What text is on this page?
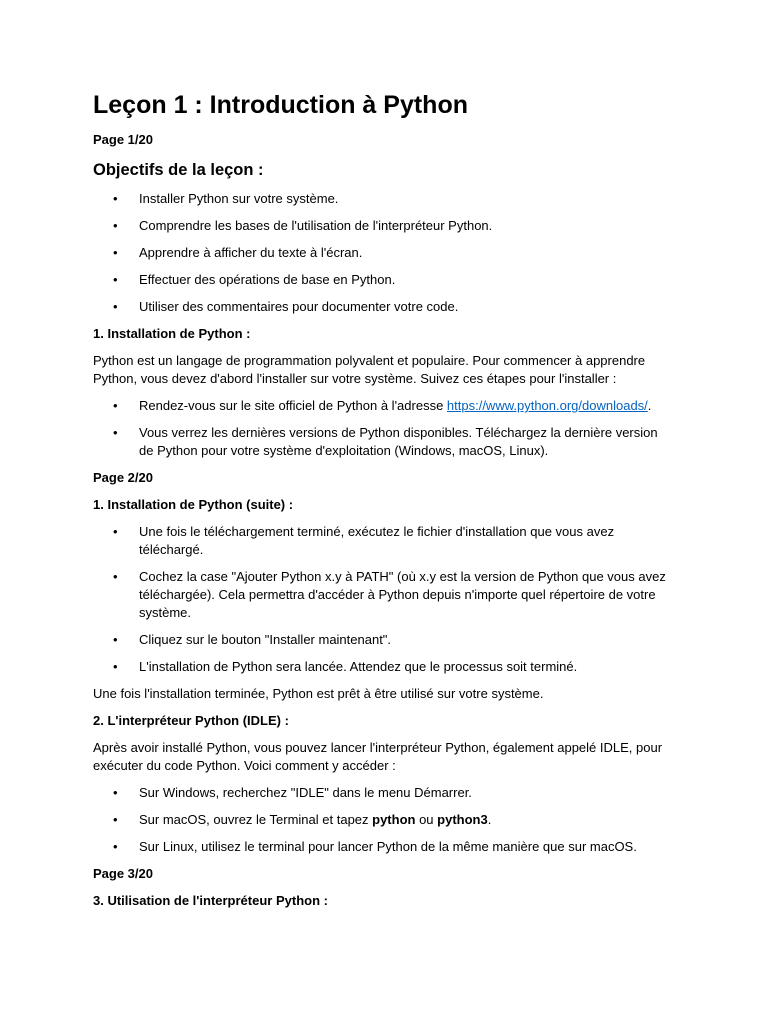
Leçon 1 : Introduction à Python
Page 1/20
Objectifs de la leçon :
• Installer Python sur votre système.
• Comprendre les bases de l'utilisation de l'interpréteur Python.
• Apprendre à afficher du texte à l'écran.
• Effectuer des opérations de base en Python.
• Utiliser des commentaires pour documenter votre code.
1. Installation de Python :

Python est un langage de programmation polyvalent et populaire. Pour commencer à apprendre Python, vous devez d'abord l'installer sur votre système. Suivez ces étapes pour l'installer :

• Rendez-vous sur le site officiel de Python à l'adresse https://www.python.org/downloads/.
• Vous verrez les dernières versions de Python disponibles. Téléchargez la dernière version de Python pour votre système d'exploitation (Windows, macOS, Linux).
Page 2/20
1. Installation de Python (suite) :
• Une fois le téléchargement terminé, exécutez le fichier d'installation que vous avez téléchargé.
• Cochez la case "Ajouter Python x.y à PATH" (où x.y est la version de Python que vous avez téléchargée). Cela permettra d'accéder à Python depuis n'importe quel répertoire de votre système.
• Cliquez sur le bouton "Installer maintenant".
• L'installation de Python sera lancée. Attendez que le processus soit terminé.

Une fois l'installation terminée, Python est prêt à être utilisé sur votre système.

2. L'interpréteur Python (IDLE) :

Après avoir installé Python, vous pouvez lancer l'interpréteur Python, également appelé IDLE, pour exécuter du code Python. Voici comment y accéder :

• Sur Windows, recherchez "IDLE" dans le menu Démarrer.
• Sur macOS, ouvrez le Terminal et tapez python ou python3.
• Sur Linux, utilisez le terminal pour lancer Python de la même manière que sur macOS.
Page 3/20
3. Utilisation de l'interpréteur Python :
